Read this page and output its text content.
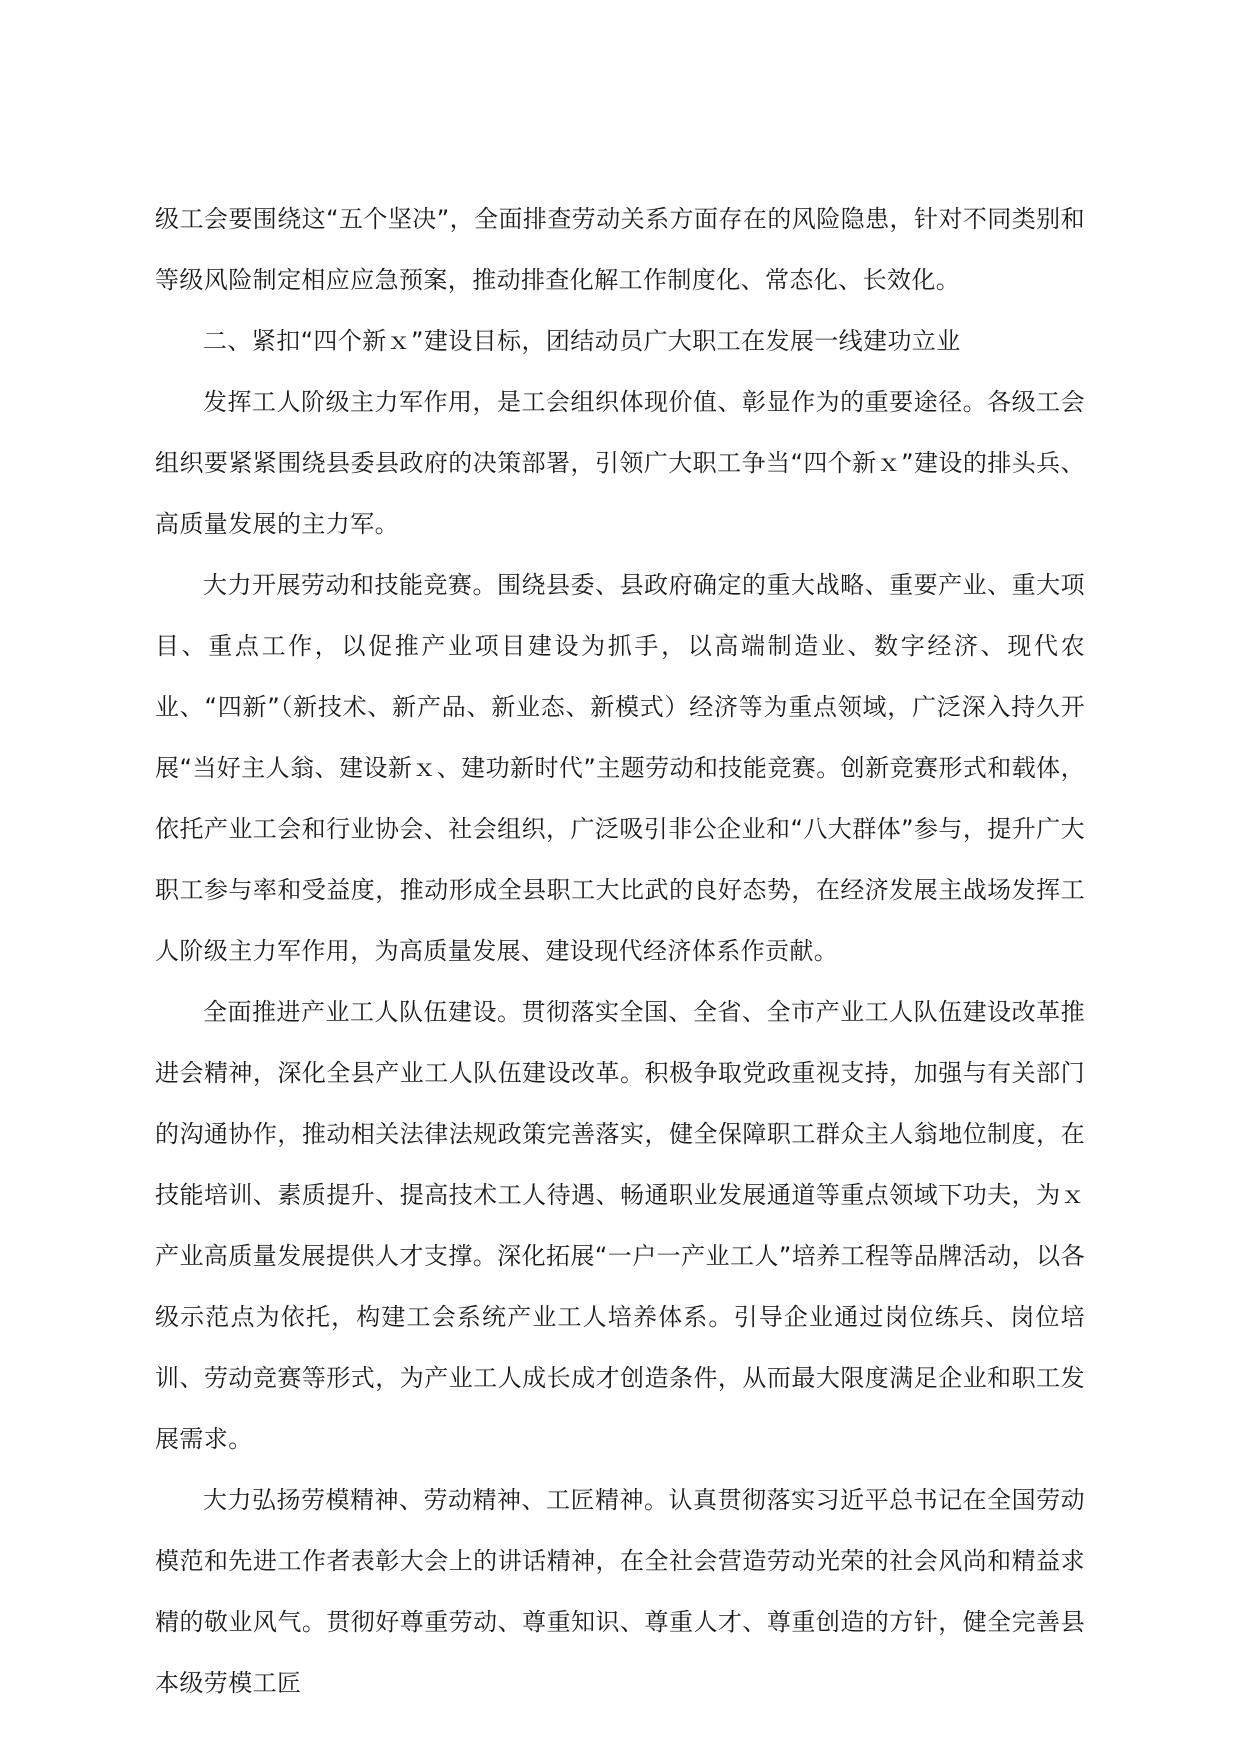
级工会要围绕这“五个坚决”，全面排查劳动关系方面存在的风险隐患，针对不同类别和等级风险制定相应应急预案，推动排查化解工作制度化、常态化、长效化。

二、紧扣“四个新ｘ”建设目标，团结动员广大职工在发展一线建功立业

发挥工人阶级主力军作用，是工会组织体现价值、彰显作为的重要途径。各级工会组织要紧紧围绕县委县政府的决策部署，引领广大职工争当“四个新ｘ”建设的排头兵、高质量发展的主力军。

大力开展劳动和技能竞赛。围绕县委、县政府确定的重大战略、重要产业、重大项目、重点工作，以促推产业项目建设为抓手，以高端制造业、数字经济、现代农业、“四新”（新技术、新产品、新业态、新模式）经济等为重点领域，广泛深入持久开展“当好主人翁、建设新ｘ、建功新时代”主题劳动和技能竞赛。创新竞赛形式和载体，依托产业工会和行业协会、社会组织，广泛吸引非公企业和“八大群体”参与，提升广大职工参与率和受益度，推动形成全县职工大比武的良好态势，在经济发展主战场发挥工人阶级主力军作用，为高质量发展、建设现代经济体系作贡献。

全面推进产业工人队伍建设。贯彻落实全国、全省、全市产业工人队伍建设改革推进会精神，深化全县产业工人队伍建设改革。积极争取党政重视支持，加强与有关部门的沟通协作，推动相关法律法规政策完善落实，健全保障职工群众主人翁地位制度，在技能培训、素质提升、提高技术工人待遇、畅通职业发展通道等重点领域下功夫，为ｘ产业高质量发展提供人才支撑。深化拓展“一户一产业工人”培养工程等品牌活动，以各级示范点为依托，构建工会系统产业工人培养体系。引导企业通过岗位练兵、岗位培训、劳动竞赛等形式，为产业工人成长成才创造条件，从而最大限度满足企业和职工发展需求。

大力弘扬劳模精神、劳动精神、工匠精神。认真贯彻落实习近平总书记在全国劳动模范和先进工作者表彰大会上的讲话精神，在全社会营造劳动光荣的社会风尚和精益求精的敬业风气。贯彻好尊重劳动、尊重知识、尊重人才、尊重创造的方针，健全完善县本级劳模工匠
